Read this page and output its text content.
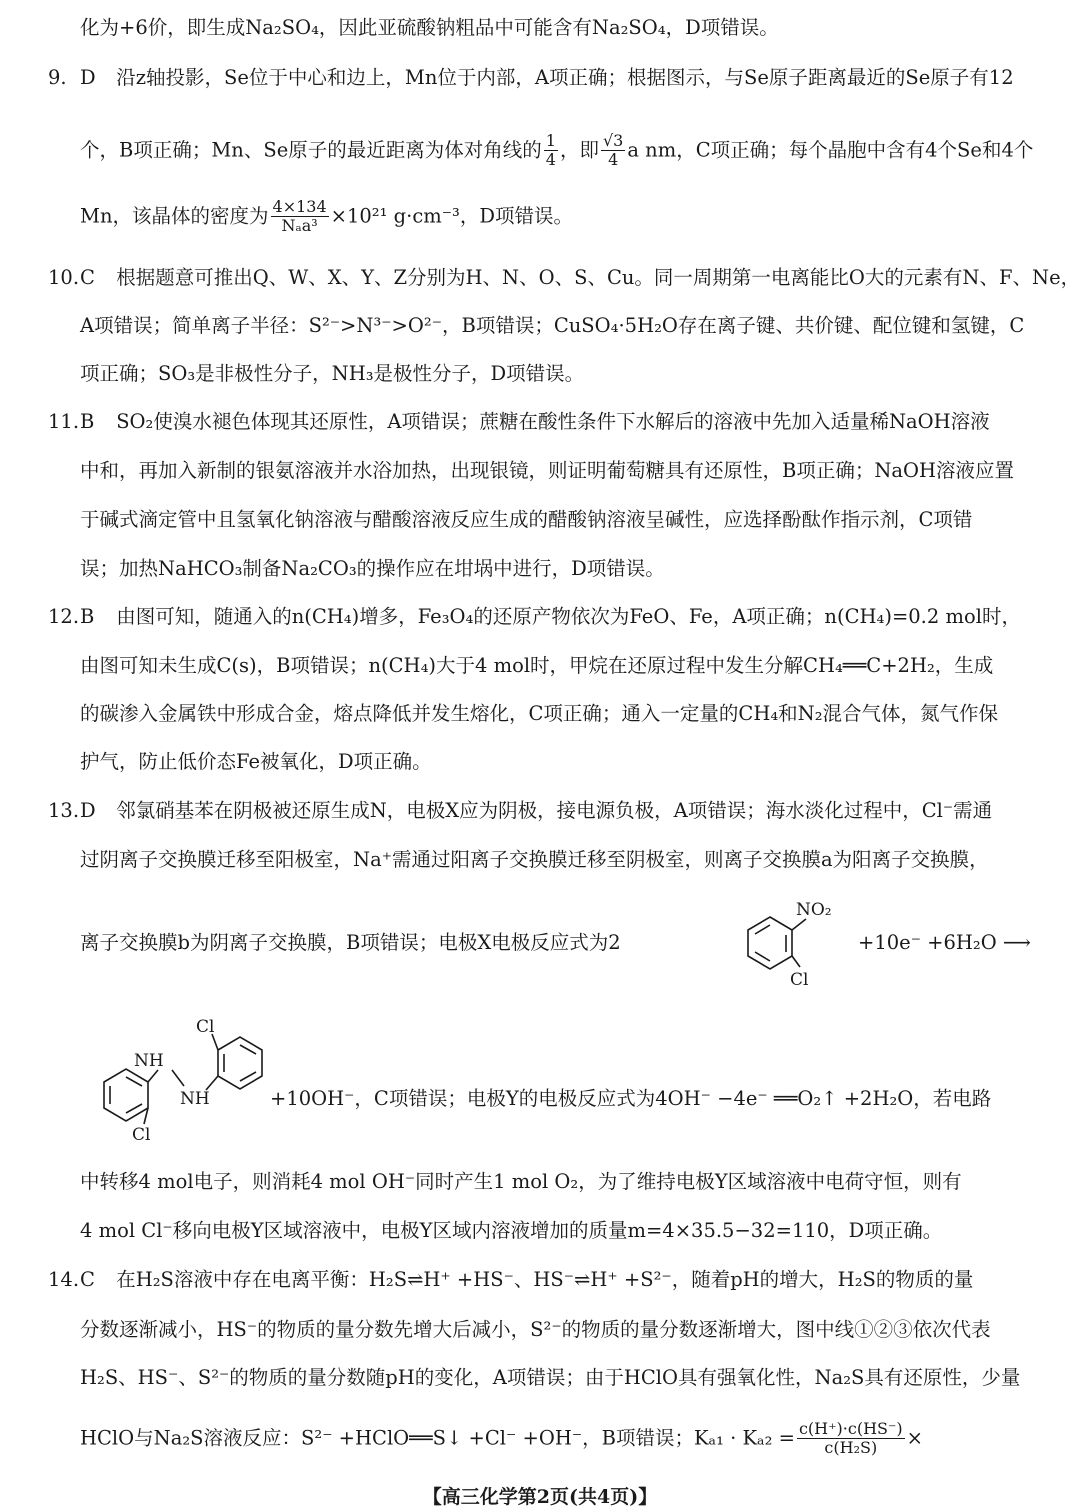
化为+6价，即生成Na₂SO₄，因此亚硫酸钠粗品中可能含有Na₂SO₄，D项错误。
9. D 沿z轴投影，Se位于中心和边上，Mn位于内部，A项正确；根据图示，与Se原子距离最近的Se原子有12
个，B项正确；Mn、Se原子的最近距离为体对角线的 $\frac{1}{4}$ ，即 $\frac{√3}{4}$ a nm，C项正确；每个晶胞中含有4个Se和4个
Mn，该晶体的密度为 $\frac{4\times 134}{\text{Nₐa³}} \times 10^{21}$ g·cm⁻³，D项错误。
10.C 根据题意可推出Q、W、X、Y、Z分别为H、N、O、S、Cu。同一周期第一电离能比O大的元素有N、F、Ne，
A项错误；简单离子半径：S²⁻>N³⁻>O²⁻，B项错误；CuSO₄·5H₂O存在离子键、共价键、配位键和氢键，C
项正确；SO₃是非极性分子，NH₃是极性分子，D项错误。
11.B SO₂使溴水褪色体现其还原性，A项错误；蔗糖在酸性条件下水解后的溶液中先加入适量稀NaOH溶液
中和，再加入新制的银氨溶液并水浴加热，出现银镜，则证明葡萄糖具有还原性，B项正确；NaOH溶液应置
于碱式滴定管中且氢氧化钠溶液与醋酸溶液反应生成的醋酸钠溶液呈碱性，应选择酚酞作指示剂，C项错
误；加热NaHCO₃制备Na₂CO₃的操作应在坩埚中进行，D项错误。
12.B 由图可知，随通入的n(CH₄)增多，Fe₃O₄的还原产物依次为FeO、Fe，A项正确；n(CH₄)=0.2 mol时，
由图可知未生成C(s)，B项错误；n(CH₄)大于4 mol时，甲烷在还原过程中发生分解CH₄══C+2H₂，生成
的碳渗入金属铁中形成合金，熔点降低并发生熔化，C项正确；通入一定量的CH₄和N₂混合气体，氮气作保
护气，防止低价态Fe被氧化，D项正确。
13.D 邻氯硝基苯在阴极被还原生成N，电极X应为阴极，接电源负极，A项错误；海水淡化过程中，Cl⁻需通
过阴离子交换膜迁移至阳极室，Na⁺需通过阳离子交换膜迁移至阴极室，则离子交换膜a为阳离子交换膜，
离子交换膜b为阴离子交换膜，B项错误；电极X电极反应式为2
NO₂
Cl
+10e⁻ +6H₂O ⟶
NH
NH
Cl
Cl
+10OH⁻，C项错误；电极Y的电极反应式为4OH⁻ −4e⁻ ══O₂↑ +2H₂O，若电路
中转移4 mol电子，则消耗4 mol OH⁻同时产生1 mol O₂，为了维持电极Y区域溶液中电荷守恒，则有
4 mol Cl⁻移向电极Y区域溶液中，电极Y区域内溶液增加的质量m=4×35.5−32=110，D项正确。
14.C 在H₂S溶液中存在电离平衡：H₂S⇌H⁺ +HS⁻、HS⁻⇌H⁺ +S²⁻，随着pH的增大，H₂S的物质的量
分数逐渐减小，HS⁻的物质的量分数先增大后减小，S²⁻的物质的量分数逐渐增大，图中线①②③依次代表
H₂S、HS⁻、S²⁻的物质的量分数随pH的变化，A项错误；由于HClO具有强氧化性，Na₂S具有还原性，少量
HClO与Na₂S溶液反应：S²⁻ +HClO══S↓ +Cl⁻ +OH⁻，B项错误；$K_{a1} \cdot K_{a2} = \frac{c(H^+)\cdot c(HS^-)}{\text{c(H₂S)}}$ ×
【高三化学第2页(共4页)】
